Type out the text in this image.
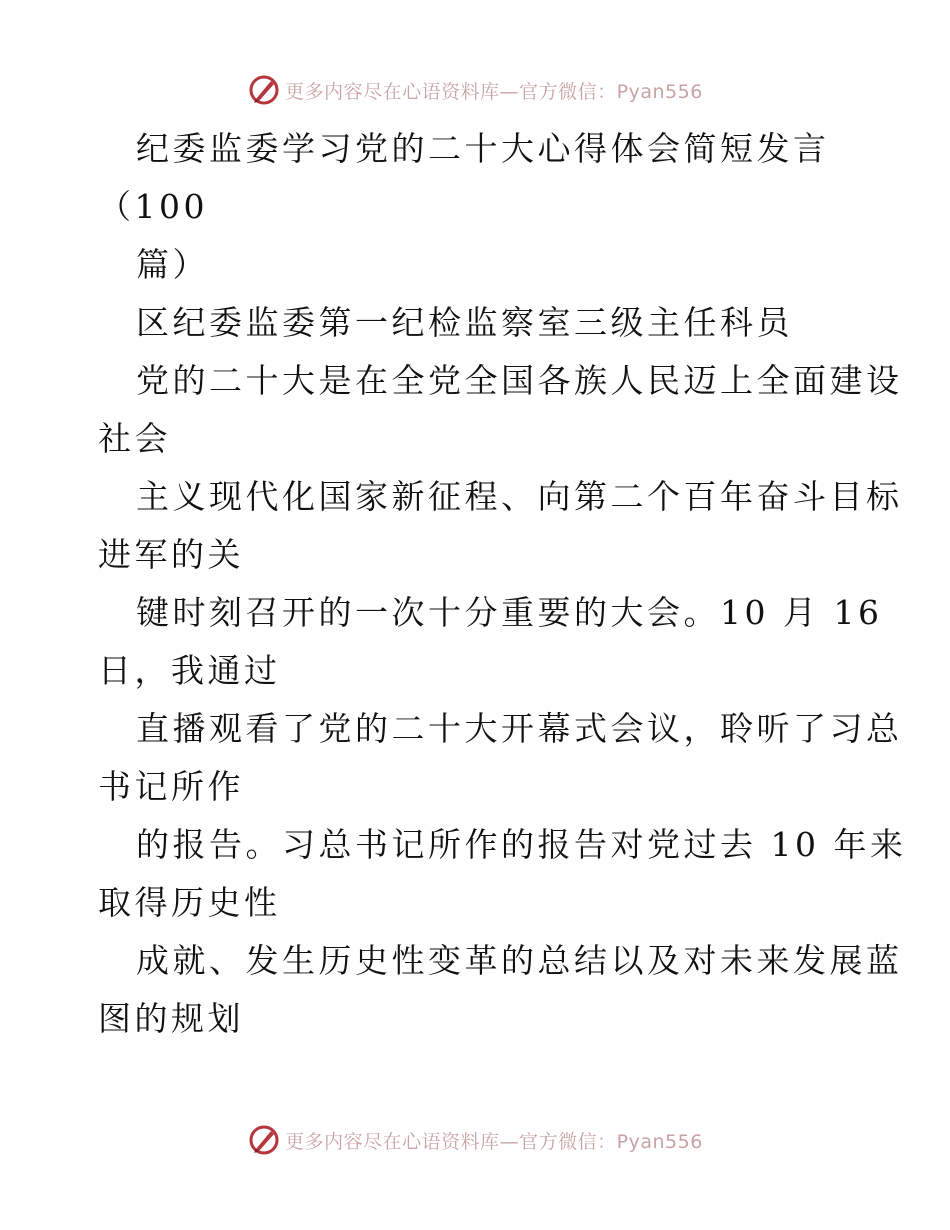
更多内容尽在心语资料库—官方微信：Pyan556
纪委监委学习党的二十大心得体会简短发言
（100
篇）
区纪委监委第一纪检监察室三级主任科员
党的二十大是在全党全国各族人民迈上全面建设
社会
主义现代化国家新征程、向第二个百年奋斗目标
进军的关
键时刻召开的一次十分重要的大会。10 月 16
日，我通过
直播观看了党的二十大开幕式会议，聆听了习总
书记所作
的报告。习总书记所作的报告对党过去 10 年来
取得历史性
成就、发生历史性变革的总结以及对未来发展蓝
图的规划
更多内容尽在心语资料库—官方微信：Pyan556
